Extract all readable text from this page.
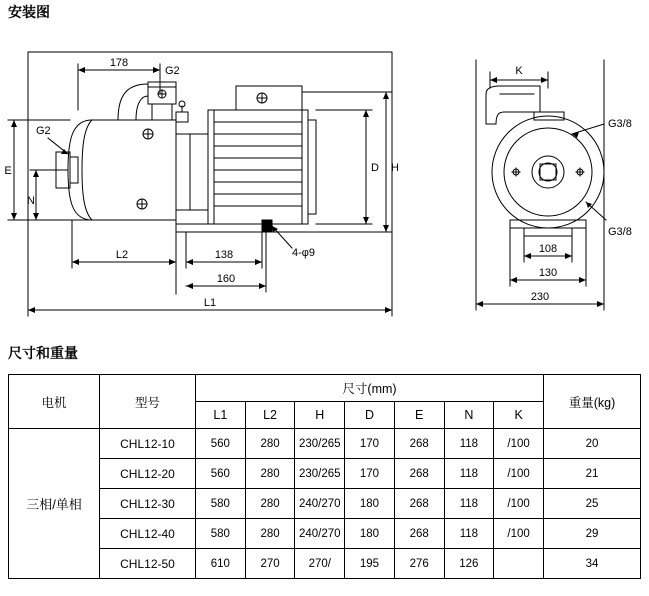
安装图
178
G2
G2
E
N
D H
L2	138
160
L1
4-φ9
K
G3/8
G3/8
108
130
230
尺寸和重量
电机	型号	尺寸(mm)							重量(kg)
		L1	L2	H	D	E	N	K	
三相/单相	CHL12-10	560	280	230/265	170	268	118	/100	20
	CHL12-20	560	280	230/265	170	268	118	/100	21
	CHL12-30	580	280	240/270	180	268	118	/100	25
	CHL12-40	580	280	240/270	180	268	118	/100	29
	CHL12-50	610	270	270/	195	276	126		34
